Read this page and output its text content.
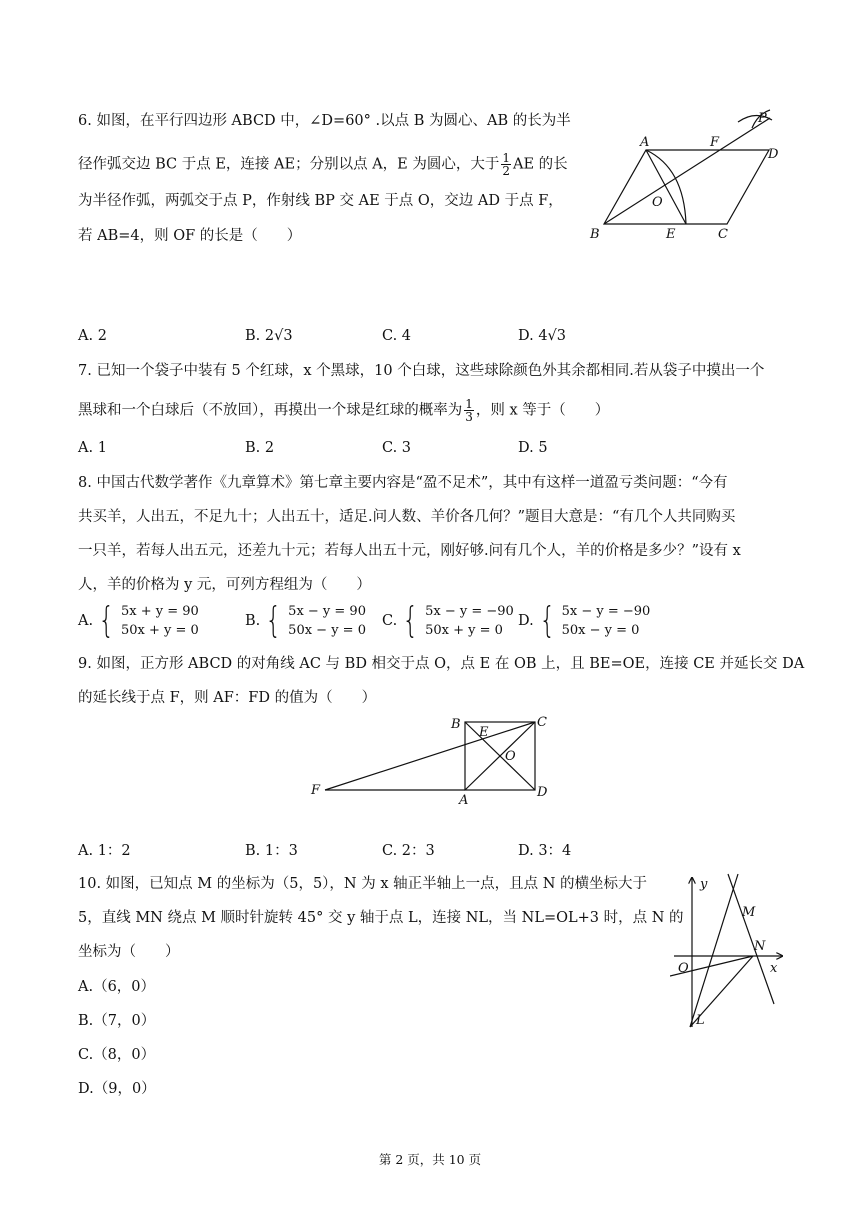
6. 如图，在平行四边形 ABCD 中，∠D=60° .以点 B 为圆心、AB 的长为半
径作弧交边 BC 于点 E，连接 AE；分别以点 A，E 为圆心，大于 $\frac{1}{2}$ AE 的长
为半径作弧，两弧交于点 P，作射线 BP 交 AE 于点 O，交边 AD 于点 F，
若 AB=4，则 OF 的长是（　　）
A	F
D
P
O
B	E	C
A. 2	B. 2√3	C. 4	D. 4√3
7. 已知一个袋子中装有 5 个红球，x 个黑球，10 个白球，这些球除颜色外其余都相同.若从袋子中摸出一个
黑球和一个白球后（不放回），再摸出一个球是红球的概率为 $\frac{1}{3}$ ，则 x 等于（　　）
A. 1	B. 2	C. 3	D. 5
8. 中国古代数学著作《九章算术》第七章主要内容是“盈不足术”，其中有这样一道盈亏类问题：“今有
共买羊，人出五，不足九十；人出五十，适足.问人数、羊价各几何？”题目大意是：“有几个人共同购买
一只羊，若每人出五元，还差九十元；若每人出五十元，刚好够.问有几个人，羊的价格是多少？”设有 x
人，羊的价格为 y 元，可列方程组为（　　）
A. { 5x + y = 90
50x + y = 0
B. { 5x − y = 90
50x − y = 0
C. { 5x − y = −90
50x + y = 0
D. { 5x − y = −90
50x − y = 0
9. 如图，正方形 ABCD 的对角线 AC 与 BD 相交于点 O，点 E 在 OB 上，且 BE=OE，连接 CE 并延长交 DA
的延长线于点 F，则 AF：FD 的值为（　　）
B
E
C
O
F
A
D
A. 1：2	B. 1：3	C. 2：3	D. 3：4
10. 如图，已知点 M 的坐标为（5，5），N 为 x 轴正半轴上一点，且点 N 的横坐标大于
5，直线 MN 绕点 M 顺时针旋转 45° 交 y 轴于点 L，连接 NL，当 NL=OL+3 时，点 N 的
坐标为（　　）
A.（6，0）
B.（7，0）
C.（8，0）
D.（9，0）
y
M
N
O	x
L
第 2 页，共 10 页
